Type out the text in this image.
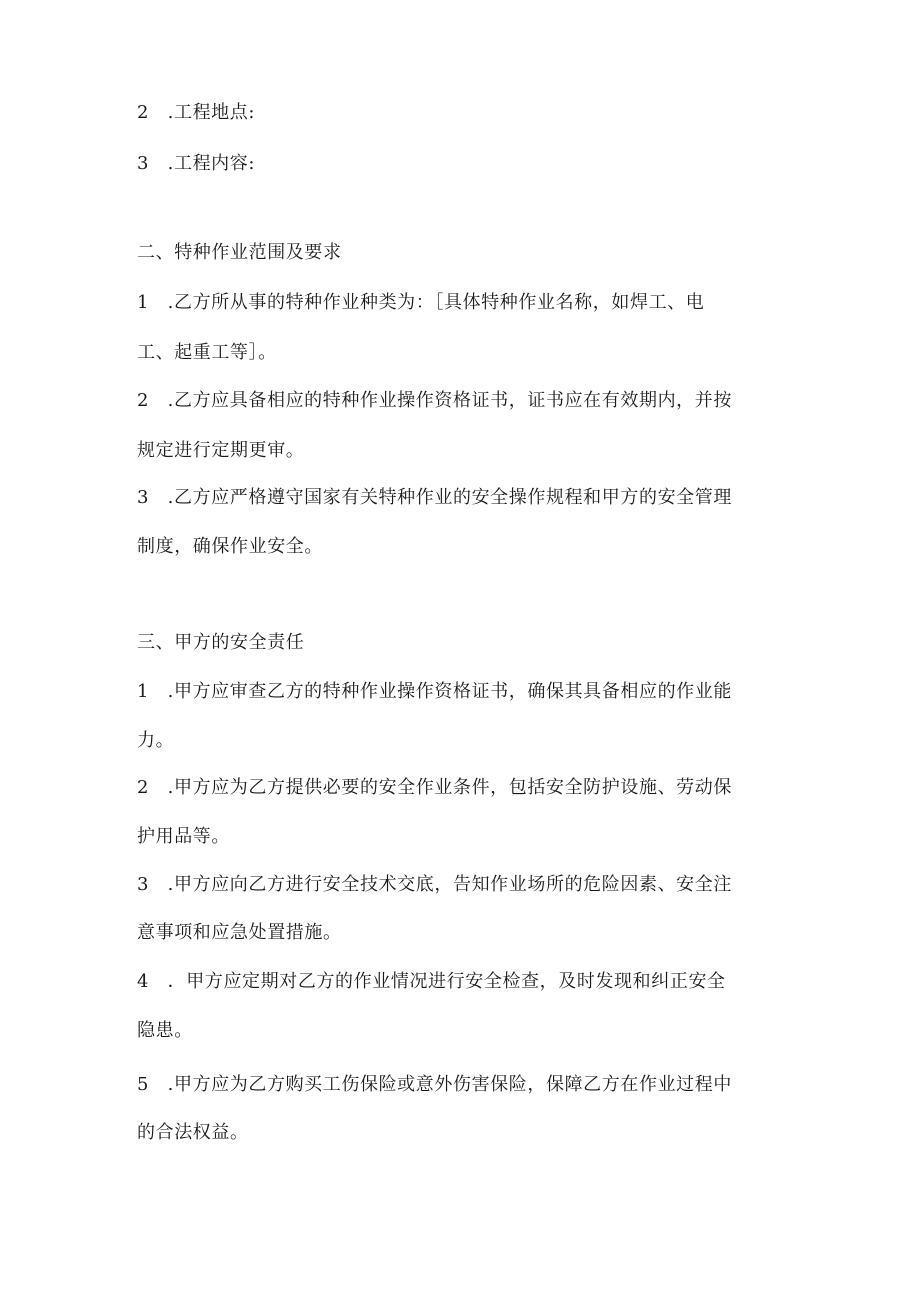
2　.工程地点:
3　.工程内容:
二、特种作业范围及要求
1　.乙方所从事的特种作业种类为：［具体特种作业名称，如焊工、电
工、起重工等］。
2　.乙方应具备相应的特种作业操作资格证书，证书应在有效期内，并按
规定进行定期更审。
3　.乙方应严格遵守国家有关特种作业的安全操作规程和甲方的安全管理
制度，确保作业安全。
三、甲方的安全责任
1　.甲方应审查乙方的特种作业操作资格证书，确保其具备相应的作业能
力。
2　.甲方应为乙方提供必要的安全作业条件，包括安全防护设施、劳动保
护用品等。
3　.甲方应向乙方进行安全技术交底，告知作业场所的危险因素、安全注
意事项和应急处置措施。
4　．甲方应定期对乙方的作业情况进行安全检查，及时发现和纠正安全
隐患。
5　.甲方应为乙方购买工伤保险或意外伤害保险，保障乙方在作业过程中
的合法权益。
